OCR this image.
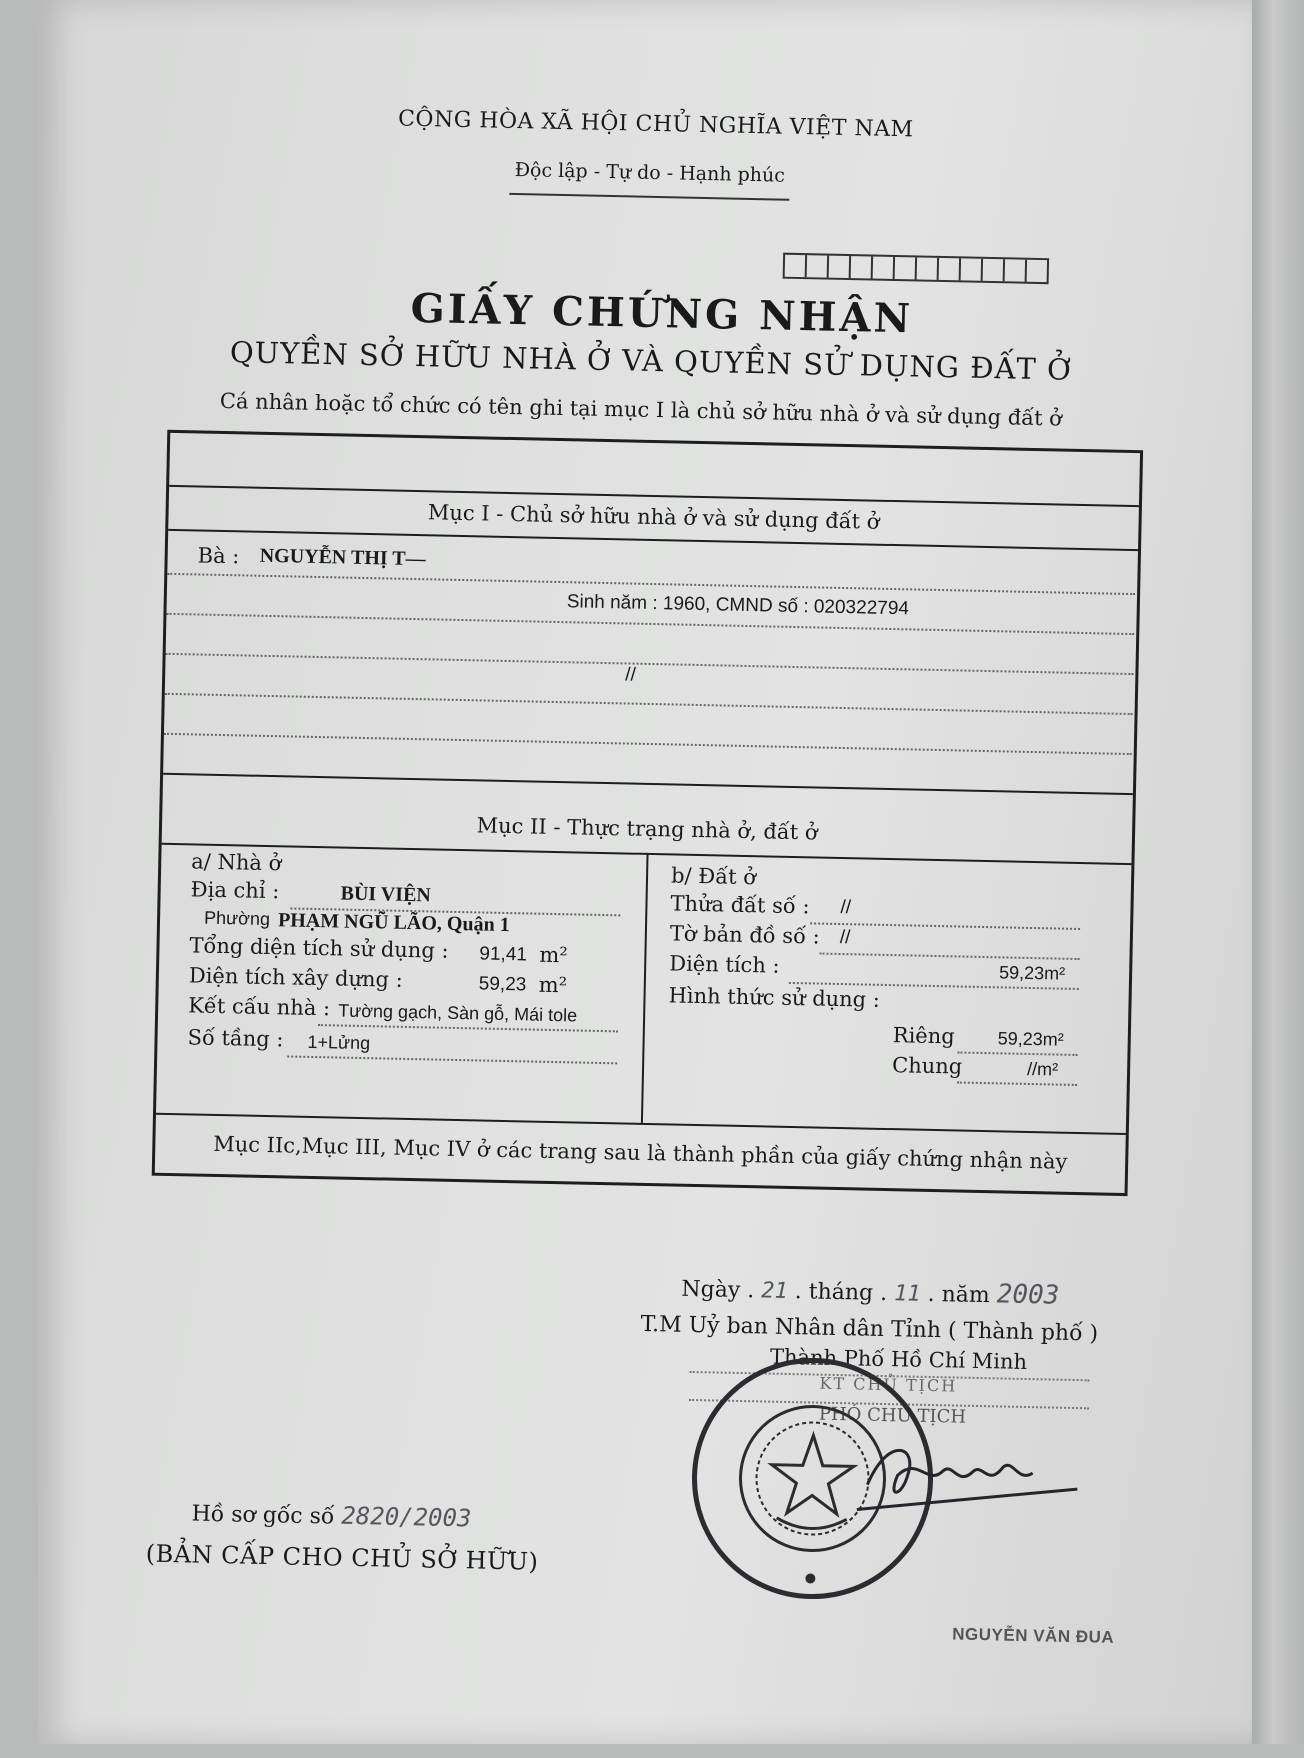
CỘNG HÒA XÃ HỘI CHỦ NGHĨA VIỆT NAM
Độc lập - Tự do - Hạnh phúc
GIẤY CHỨNG NHẬN
QUYỀN SỞ HỮU NHÀ Ở VÀ QUYỀN SỬ DỤNG ĐẤT Ở
Cá nhân hoặc tổ chức có tên ghi tại mục I là chủ sở hữu nhà ở và sử dụng đất ở
Mục I - Chủ sở hữu nhà ở và sử dụng đất ở
Bà : NGUYỄN THỊ T—
Sinh năm : 1960, CMND số : 020322794
//
Mục II - Thực trạng nhà ở, đất ở
a/ Nhà ở
Địa chỉ :	BÙI VIỆN
Phường PHẠM NGŨ LÃO, Quận 1
Tổng diện tích sử dụng : 91,41 m²
Diện tích xây dựng :	59,23 m²
Kết cấu nhà : Tường gạch, Sàn gỗ, Mái tole
Số tầng : 1+Lửng
b/ Đất ở
Thửa đất số : //
Tờ bản đồ số : //
Diện tích :	59,23m²
Hình thức sử dụng :
Riêng 59,23m²
Chung	//m²
Mục IIc,Mục III, Mục IV ở các trang sau là thành phần của giấy chứng nhận này
Ngày . 21 . tháng . 11 . năm 2003
T.M Uỷ ban Nhân dân Tỉnh ( Thành phố )
Thành Phố Hồ Chí Minh
KT CHỦ TỊCH
PHÓ CHỦ TỊCH
Hồ sơ gốc số 2820/2003
(BẢN CẤP CHO CHỦ SỞ HỮU)
NGUYỄN VĂN ĐUA
